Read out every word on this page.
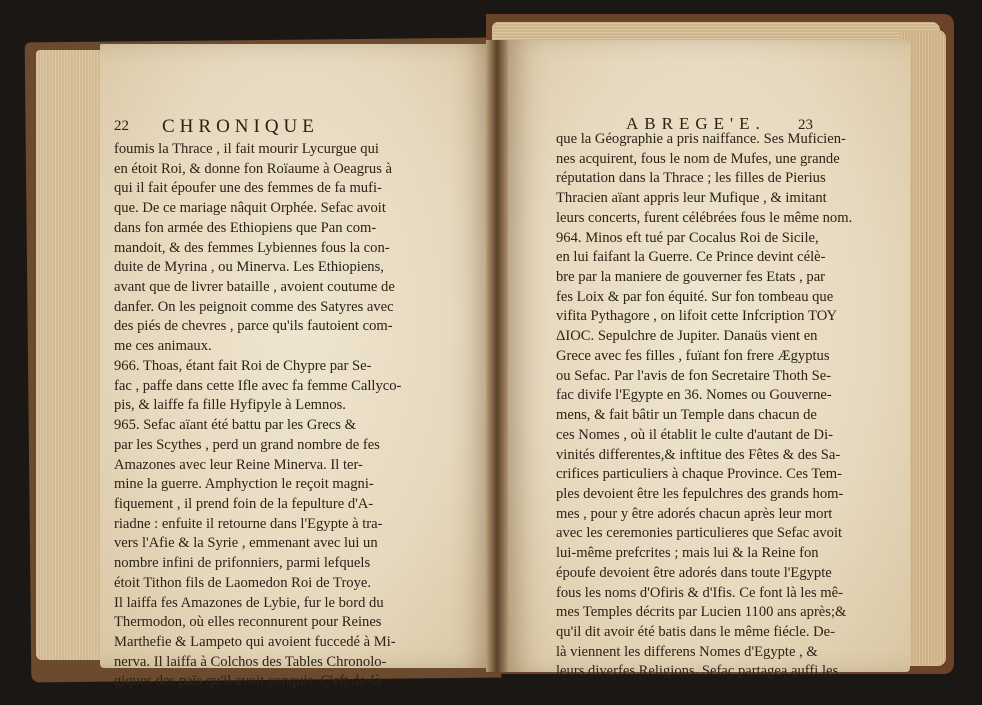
22 CHRONIQUE	ABREGE'E. 23
foumis la Thrace , il fait mourir Lycurgue qui
en étoit Roi, & donne fon Roïaume à Oeagrus à
qui il fait époufer une des femmes de fa mufi-
que. De ce mariage nâquit Orphée. Sefac avoit
dans fon armée des Ethiopiens que Pan com-
mandoit, & des femmes Lybiennes fous la con-
duite de Myrina , ou Minerva. Les Ethiopiens,
avant que de livrer bataille , avoient coutume de
danfer. On les peignoit comme des Satyres avec
des piés de chevres , parce qu'ils fautoient com-
me ces animaux.
966. Thoas, étant fait Roi de Chypre par Se-
fac , paffe dans cette Ifle avec fa femme Callyco-
pis, & laiffe fa fille Hyfipyle à Lemnos.
965. Sefac aïant été battu par les Grecs &
par les Scythes , perd un grand nombre de fes
Amazones avec leur Reine Minerva. Il ter-
mine la guerre. Amphyction le reçoit magni-
fiquement , il prend foin de la fepulture d'A-
riadne : enfuite il retourne dans l'Egypte à tra-
vers l'Afie & la Syrie , emmenant avec lui un
nombre infini de prifonniers, parmi lefquels
étoit Tithon fils de Laomedon Roi de Troye.
Il laiffa fes Amazones de Lybie, fur le bord du
Thermodon, où elles reconnurent pour Reines
Marthefie & Lampeto qui avoient fuccedé à Mi-
nerva. Il laiffa à Colchos des Tables Chronolo-
giques des païs qu'il avoit conquis. C'eft de-là
que la Géographie a pris naiffance. Ses Muficien-
nes acquirent, fous le nom de Mufes, une grande
réputation dans la Thrace ; les filles de Pierius
Thracien aïant appris leur Mufique , & imitant
leurs concerts, furent célébrées fous le même nom.
964. Minos eft tué par Cocalus Roi de Sicile,
en lui faifant la Guerre. Ce Prince devint célè-
bre par la maniere de gouverner fes Etats , par
fes Loix & par fon équité. Sur fon tombeau que
vifita Pythagore , on lifoit cette Infcription ΤΟΥ
ΔΙΟC. Sepulchre de Jupiter. Danaüs vient en
Grece avec fes filles , fuïant fon frere Ægyptus
ou Sefac. Par l'avis de fon Secretaire Thoth Se-
fac divife l'Egypte en 36. Nomes ou Gouverne-
mens, & fait bâtir un Temple dans chacun de
ces Nomes , où il établit le culte d'autant de Di-
vinités differentes,& inftitue des Fêtes & des Sa-
crifices particuliers à chaque Province. Ces Tem-
ples devoient être les fepulchres des grands hom-
mes , pour y être adorés chacun après leur mort
avec les ceremonies particulieres que Sefac avoit
lui-même prefcrites ; mais lui & la Reine fon
époufe devoient être adorés dans toute l'Egypte
fous les noms d'Ofiris & d'Ifis. Ce font là les mê-
mes Temples décrits par Lucien 1100 ans après;&
qu'il dit avoir été batis dans le même fiécle. De-
là viennent les differens Nomes d'Egypte , &
leurs diverfes Religions. Sefac partagea auffi les
